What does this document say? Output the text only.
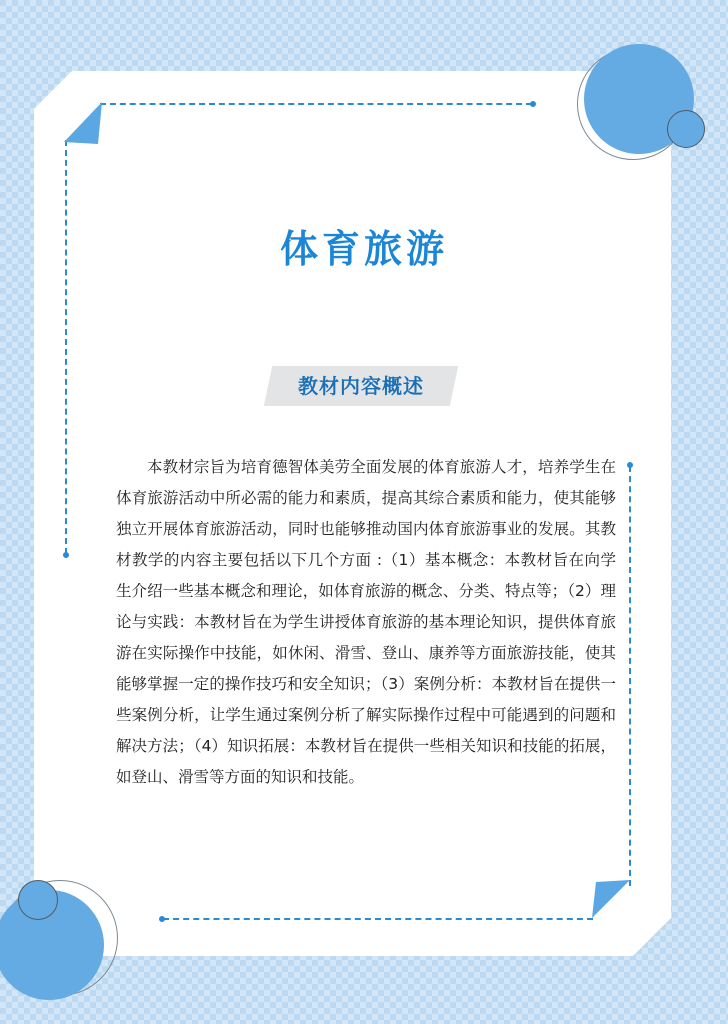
体育旅游
教材内容概述

本教材宗旨为培育德智体美劳全面发展的体育旅游人才，培养学生在体育旅游活动中所必需的能力和素质，提高其综合素质和能力，使其能够独立开展体育旅游活动，同时也能够推动国内体育旅游事业的发展。其教材教学的内容主要包括以下几个方面 :（1）基本概念：本教材旨在向学生介绍一些基本概念和理论，如体育旅游的概念、分类、特点等；（2）理论与实践：本教材旨在为学生讲授体育旅游的基本理论知识，提供体育旅游在实际操作中技能，如休闲、滑雪、登山、康养等方面旅游技能，使其能够掌握一定的操作技巧和安全知识；（3）案例分析：本教材旨在提供一些案例分析，让学生通过案例分析了解实际操作过程中可能遇到的问题和解决方法；（4）知识拓展：本教材旨在提供一些相关知识和技能的拓展，如登山、滑雪等方面的知识和技能。
